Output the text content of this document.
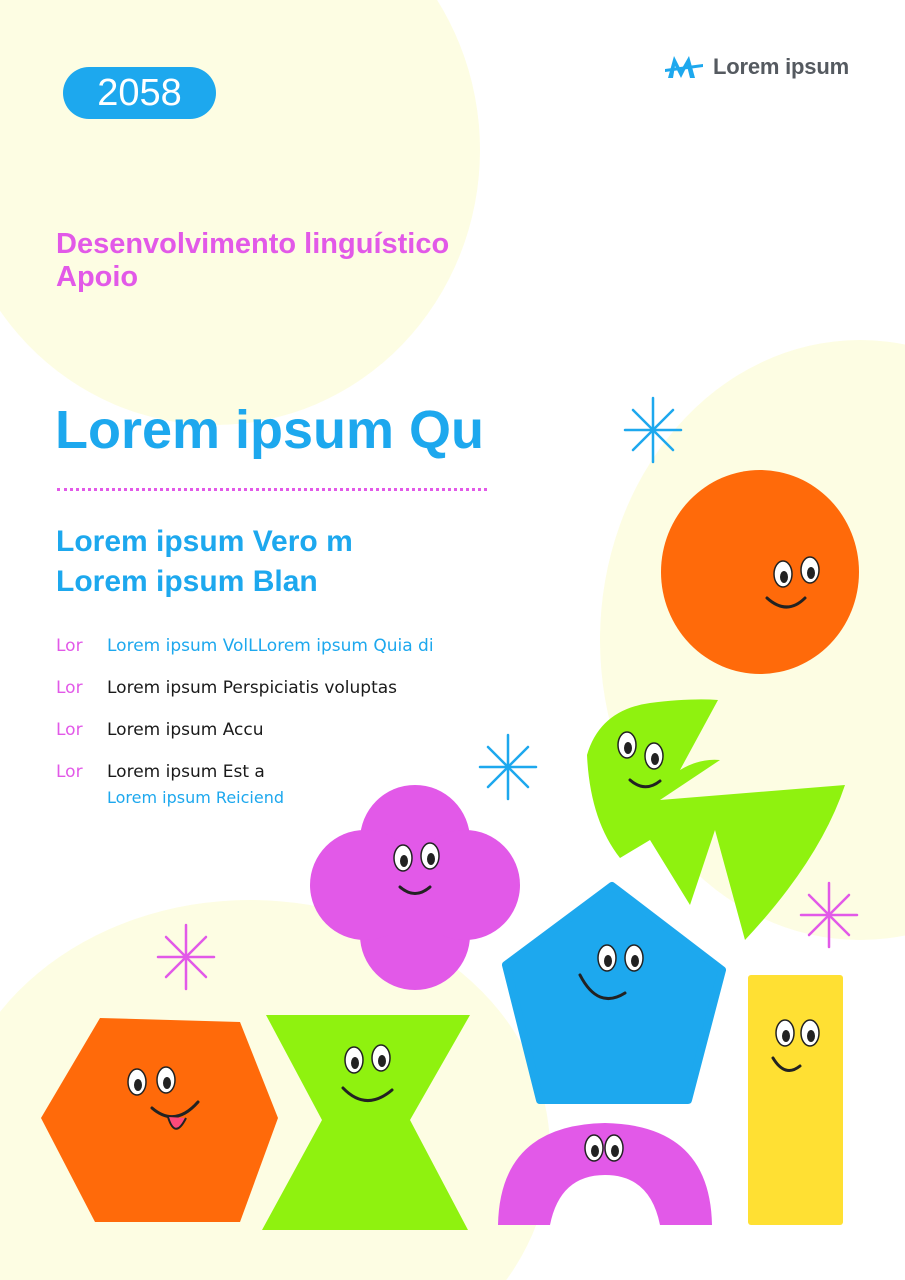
2058
Lorem ipsum
Desenvolvimento linguístico
Apoio
Lorem ipsum Qu
Lorem ipsum Vero m
Lorem ipsum Blan
Lor Lorem ipsum VolLLorem ipsum Quia di
Lor Lorem ipsum Perspiciatis voluptas
Lor Lorem ipsum Accu
Lor Lorem ipsum Est a
Lorem ipsum Reiciend
